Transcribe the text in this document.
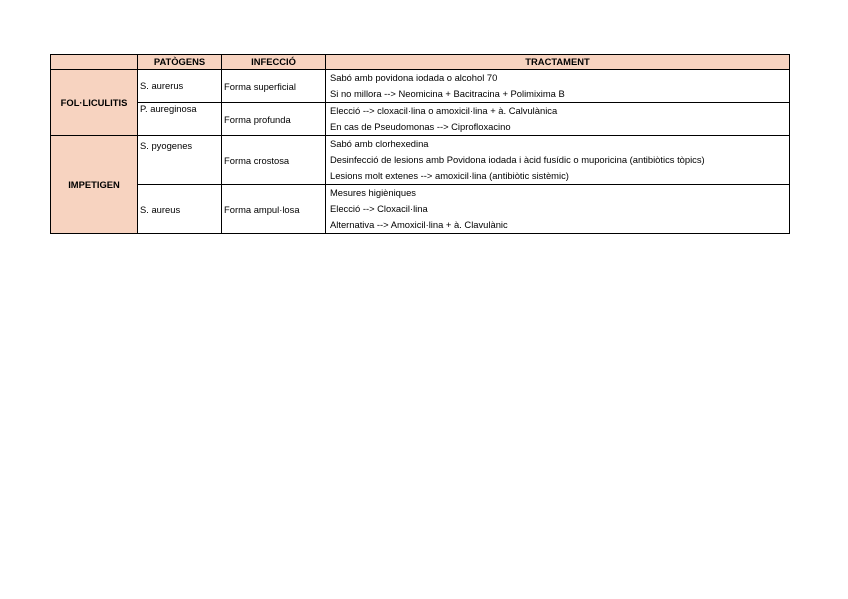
	PATÒGENS	INFECCIÓ	TRACTAMENT
FOL·LICULITIS	S. aurerus	Forma superficial	Sabó amb povidona iodada o alcohol 70
Si no millora --> Neomicina + Bacitracina + Polimixima B

	P. aureginosa	Forma profunda	Elecció --> cloxacil·lina o amoxicil·lina + à. Calvulànica
En cas de Pseudomonas --> Ciprofloxacino

IMPETIGEN	S. pyogenes	Forma crostosa	Sabó amb clorhexedina
Desinfecció de lesions amb Povidona iodada i àcid fusídic o muporicina (antibiòtics tòpics)
Lesions molt extenes --> amoxicil·lina (antibiòtic sistèmic)

	S. aureus	Forma ampul·losa	Mesures higièniques
Elecció --> Cloxacil·lina
Alternativa --> Amoxicil·lina + à. Clavulànic
